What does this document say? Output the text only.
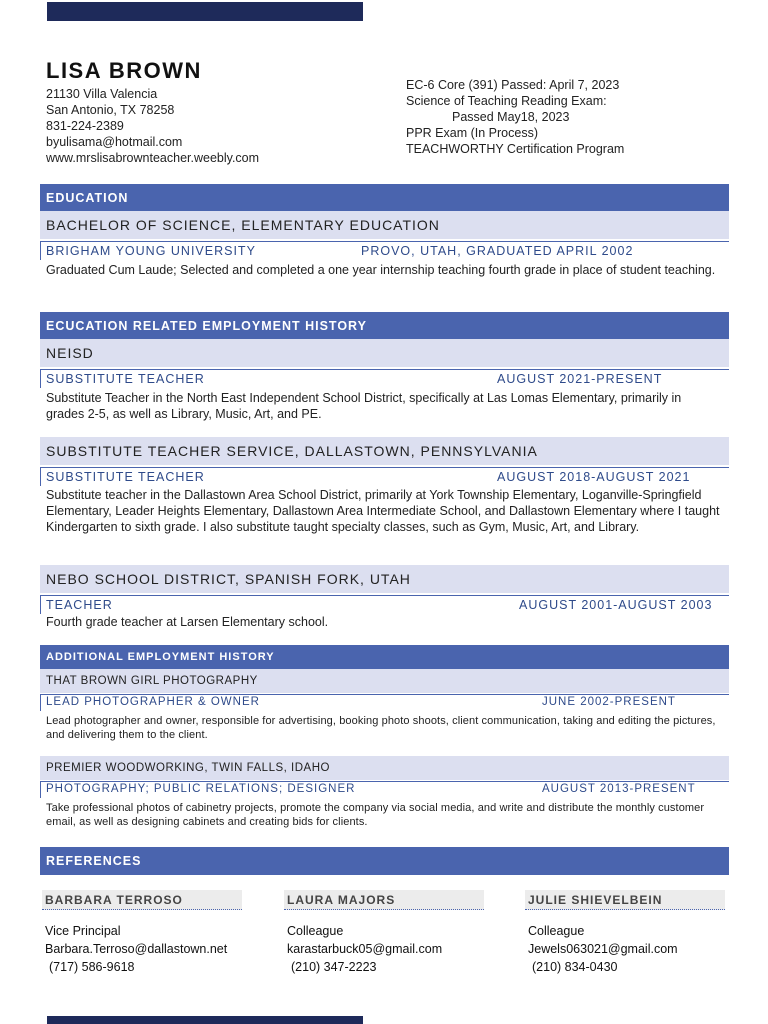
LISA BROWN
21130 Villa Valencia
San Antonio, TX 78258
831-224-2389
byulisama@hotmail.com
www.mrslisabrownteacher.weebly.com
EC-6 Core (391) Passed: April 7, 2023
Science of Teaching Reading Exam:
Passed May18, 2023
PPR Exam (In Process)
TEACHWORTHY Certification Program
EDUCATION
BACHELOR OF SCIENCE, ELEMENTARY EDUCATION
BRIGHAM YOUNG UNIVERSITY	PROVO, UTAH, GRADUATED APRIL 2002
Graduated Cum Laude; Selected and completed a one year internship teaching fourth grade in place of student teaching.
ECUCATION RELATED EMPLOYMENT HISTORY
NEISD
SUBSTITUTE TEACHER	AUGUST 2021-PRESENT
Substitute Teacher in the North East Independent School District, specifically at Las Lomas Elementary, primarily in grades 2-5, as well as Library, Music, Art, and PE.
SUBSTITUTE TEACHER SERVICE, DALLASTOWN, PENNSYLVANIA
SUBSTITUTE TEACHER	AUGUST 2018-AUGUST 2021
Substitute teacher in the Dallastown Area School District, primarily at York Township Elementary, Loganville-Springfield Elementary, Leader Heights Elementary, Dallastown Area Intermediate School, and Dallastown Elementary where I taught Kindergarten to sixth grade. I also substitute taught specialty classes, such as Gym, Music, Art, and Library.
NEBO SCHOOL DISTRICT, SPANISH FORK, UTAH
TEACHER	AUGUST 2001-AUGUST 2003
Fourth grade teacher at Larsen Elementary school.
ADDITIONAL EMPLOYMENT HISTORY
THAT BROWN GIRL PHOTOGRAPHY
LEAD PHOTOGRAPHER & OWNER	JUNE 2002-PRESENT
Lead photographer and owner, responsible for advertising, booking photo shoots, client communication, taking and editing the pictures, and delivering them to the client.
PREMIER WOODWORKING, TWIN FALLS, IDAHO
PHOTOGRAPHY; PUBLIC RELATIONS; DESIGNER	AUGUST 2013-PRESENT
Take professional photos of cabinetry projects, promote the company via social media, and write and distribute the monthly customer email, as well as designing cabinets and creating bids for clients.
REFERENCES
BARBARA TERROSO
Vice Principal
Barbara.Terroso@dallastown.net
(717) 586-9618
LAURA MAJORS
Colleague
karastarbuck05@gmail.com
(210) 347-2223
JULIE SHIEVELBEIN
Colleague
Jewels063021@gmail.com
(210) 834-0430
